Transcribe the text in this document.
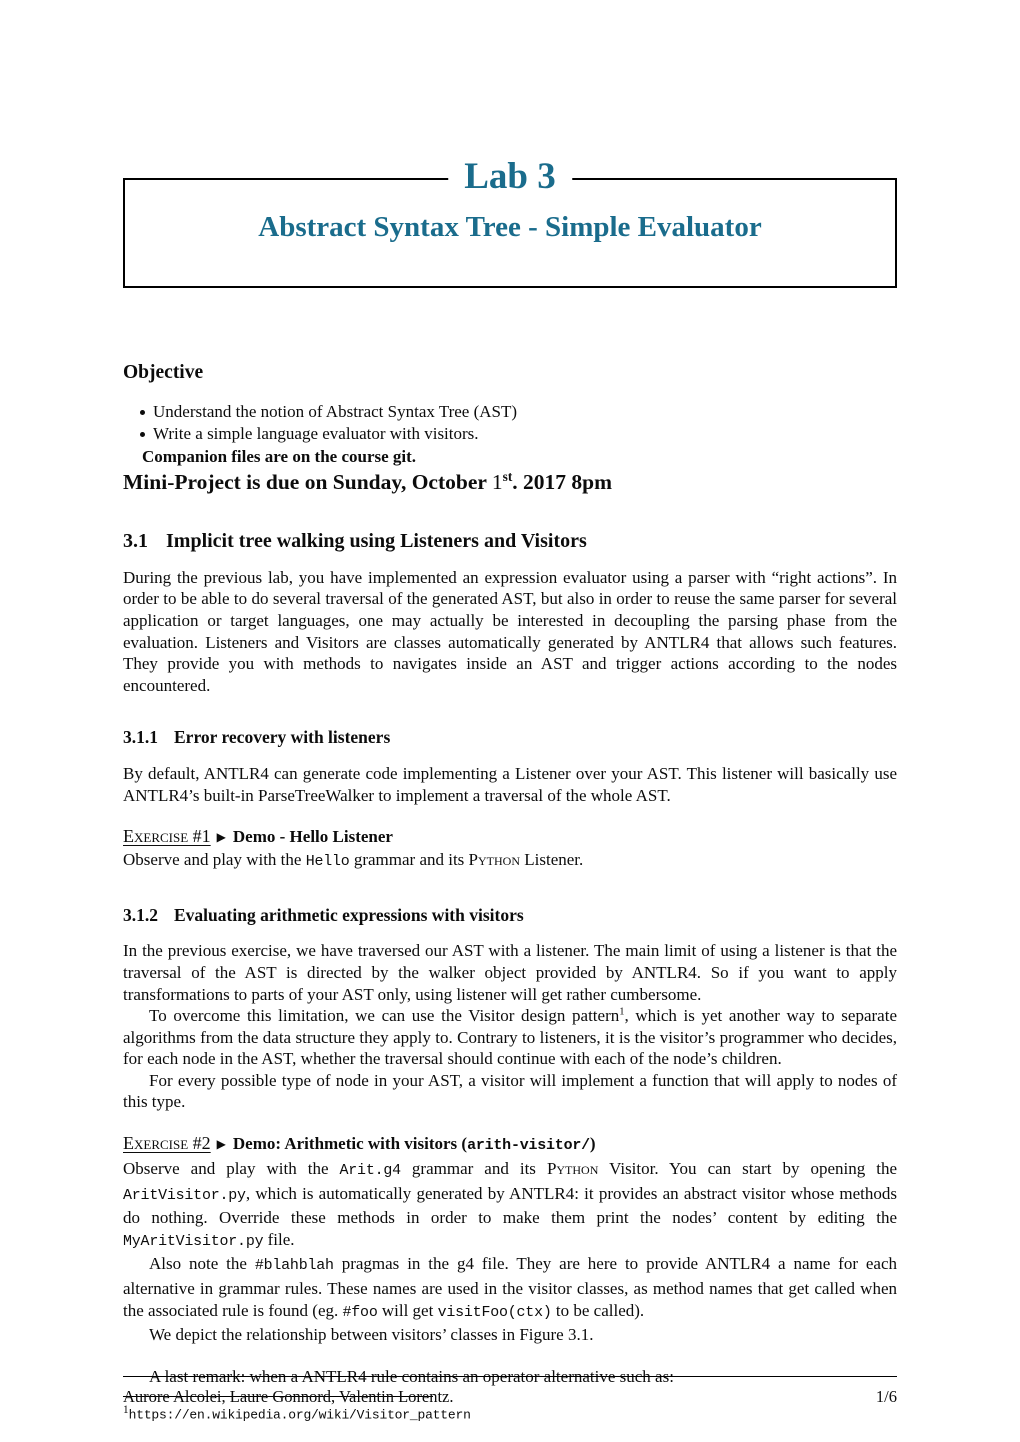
Lab 3
Abstract Syntax Tree - Simple Evaluator
Objective
Understand the notion of Abstract Syntax Tree (AST)
Write a simple language evaluator with visitors.
Companion files are on the course git.
Mini-Project is due on Sunday, October 1st. 2017 8pm
3.1 Implicit tree walking using Listeners and Visitors

During the previous lab, you have implemented an expression evaluator using a parser with “right actions”. In order to be able to do several traversal of the generated AST, but also in order to reuse the same parser for several application or target languages, one may actually be interested in decoupling the parsing phase from the evaluation. Listeners and Visitors are classes automatically generated by ANTLR4 that allows such features. They provide you with methods to navigates inside an AST and trigger actions according to the nodes encountered.

3.1.1 Error recovery with listeners

By default, ANTLR4 can generate code implementing a Listener over your AST. This listener will basically use ANTLR4’s built-in ParseTreeWalker to implement a traversal of the whole AST.

Exercise #1 ▶ Demo - Hello Listener
Observe and play with the Hello grammar and its Python Listener.
3.1.2 Evaluating arithmetic expressions with visitors

In the previous exercise, we have traversed our AST with a listener. The main limit of using a listener is that the traversal of the AST is directed by the walker object provided by ANTLR4. So if you want to apply transformations to parts of your AST only, using listener will get rather cumbersome.

To overcome this limitation, we can use the Visitor design pattern$^1$, which is yet another way to separate algorithms from the data structure they apply to. Contrary to listeners, it is the visitor’s programmer who decides, for each node in the AST, whether the traversal should continue with each of the node’s children.

For every possible type of node in your AST, a visitor will implement a function that will apply to nodes of this type.

Exercise #2 ▶ Demo: Arithmetic with visitors (arith-visitor/)
Observe and play with the Arit.g4 grammar and its Python Visitor. You can start by opening the AritVisitor.py, which is automatically generated by ANTLR4: it provides an abstract visitor whose methods do nothing. Override these methods in order to make them print the nodes’ content by editing the MyAritVisitor.py file.

Also note the #blahblah pragmas in the g4 file. They are here to provide ANTLR4 a name for each alternative in grammar rules. These names are used in the visitor classes, as method names that get called when the associated rule is found (eg. #foo will get visitFoo(ctx) to be called).

We depict the relationship between visitors’ classes in Figure 3.1.

A last remark: when a ANTLR4 rule contains an operator alternative such as:

$^1$https://en.wikipedia.org/wiki/Visitor_pattern
Aurore Alcolei, Laure Gonnord, Valentin Lorentz.	1/6
